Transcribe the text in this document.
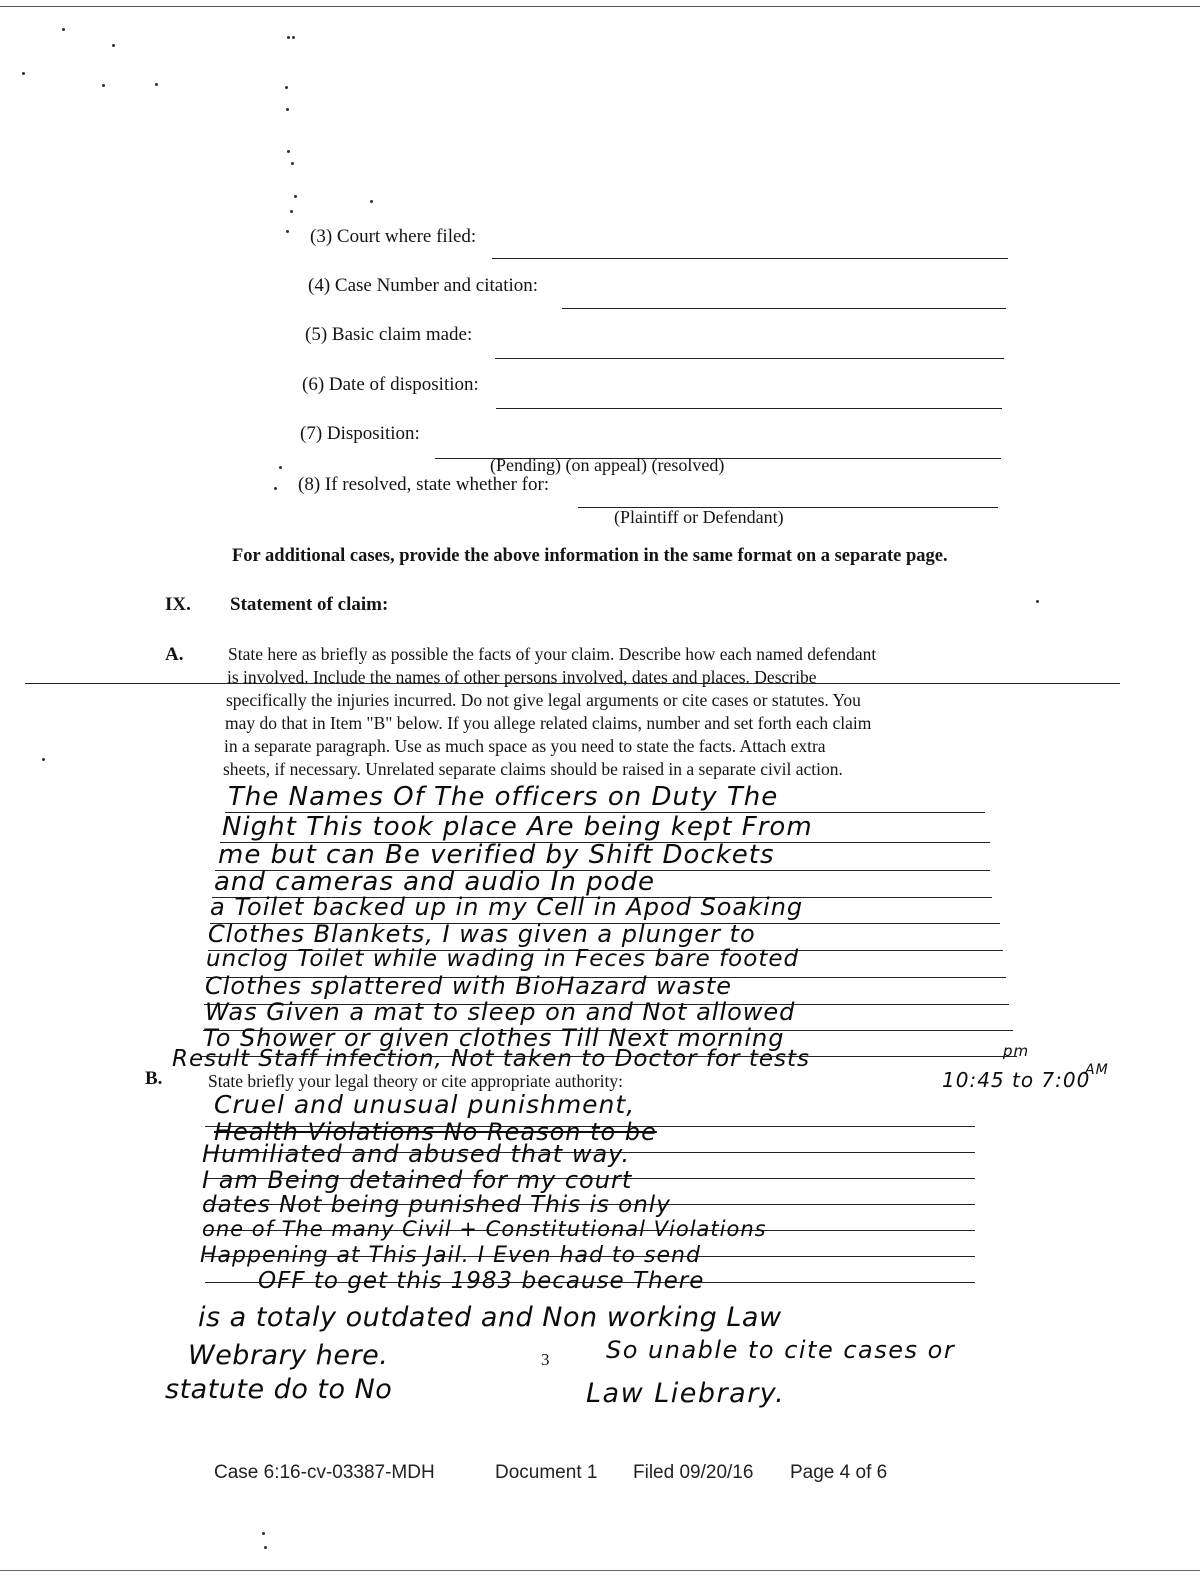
(3) Court where filed:
(4) Case Number and citation:
(5) Basic claim made:
(6) Date of disposition:
(7) Disposition:
(Pending) (on appeal) (resolved)
(8) If resolved, state whether for:
(Plaintiff or Defendant)
For additional cases, provide the above information in the same format on a separate page.
IX. Statement of claim:
A.	State here as briefly as possible the facts of your claim. Describe how each named defendant
is involved. Include the names of other persons involved, dates and places. Describe
specifically the injuries incurred. Do not give legal arguments or cite cases or statutes. You
may do that in Item "B" below. If you allege related claims, number and set forth each claim
in a separate paragraph. Use as much space as you need to state the facts. Attach extra
sheets, if necessary. Unrelated separate claims should be raised in a separate civil action.
The Names Of The officers on Duty The
Night This took place Are being kept From
me but can Be verified by Shift Dockets
and cameras and audio In pode
a Toilet backed up in my Cell in Apod Soaking
Clothes Blankets, I was given a plunger to
unclog Toilet while wading in Feces bare footed
Clothes splattered with BioHazard waste
Was Given a mat to sleep on and Not allowed
To Shower or given clothes Till Next morning
Result Staff infection, Not taken to Doctor for tests	pm
10:45 to 7:00
AM
B.	State briefly your legal theory or cite appropriate authority:
Cruel and unusual punishment,
Health Violations No Reason to be
Humiliated and abused that way.
I am Being detained for my court
dates Not being punished This is only
one of The many Civil + Constitutional Violations
Happening at This Jail. I Even had to send
OFF to get this 1983 because There
is a totaly outdated and Non working Law
Webrary here.	So unable to cite cases or
statute do to No	Law Liebrary.
3
Case 6:16-cv-03387-MDH	Document 1 Filed 09/20/16 Page 4 of 6
